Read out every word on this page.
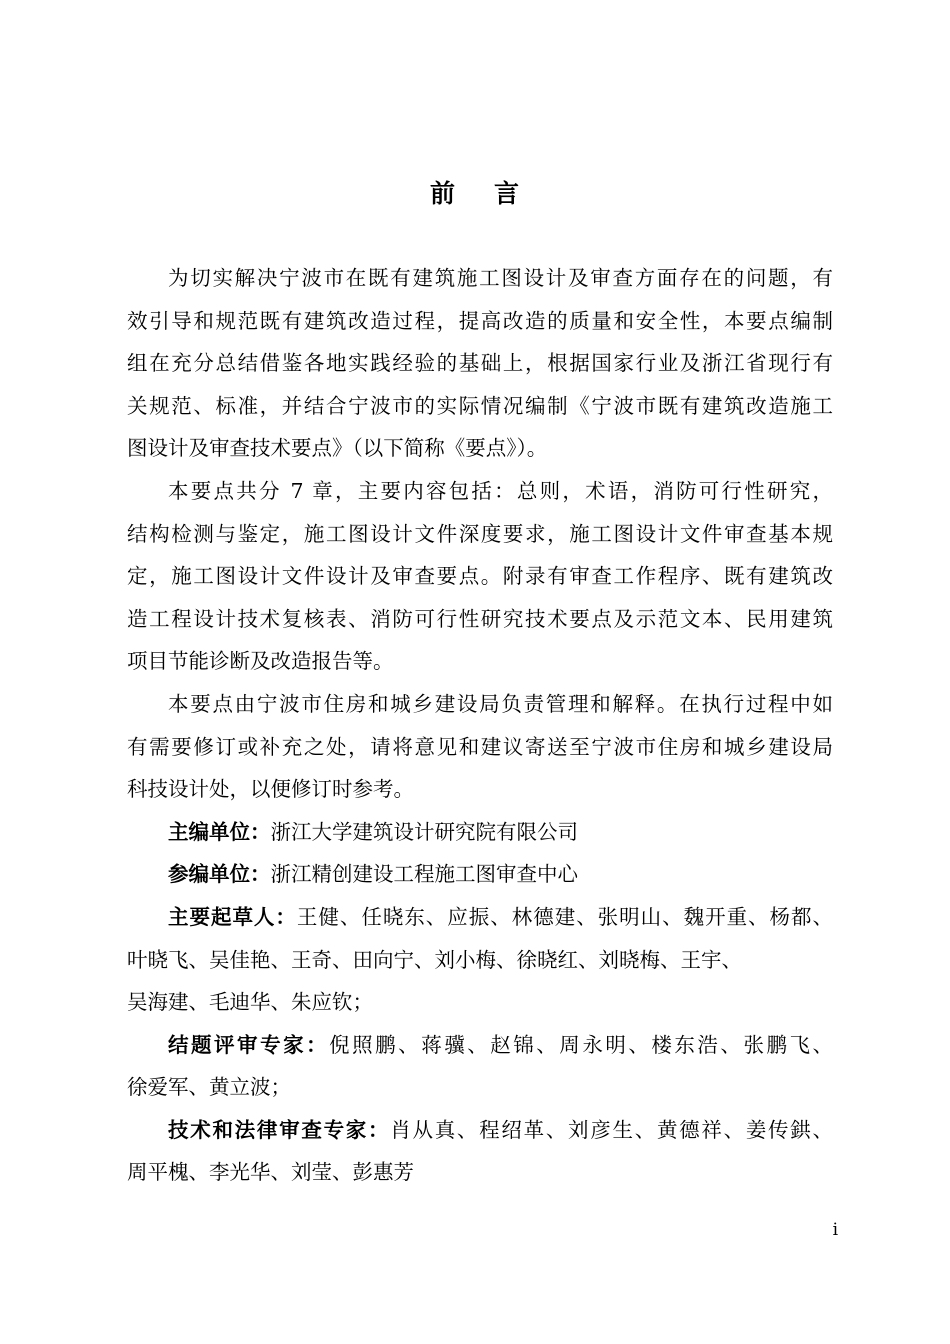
前 言
为切实解决宁波市在既有建筑施工图设计及审查方面存在的问题，有
效引导和规范既有建筑改造过程，提高改造的质量和安全性，本要点编制
组在充分总结借鉴各地实践经验的基础上，根据国家行业及浙江省现行有
关规范、标准，并结合宁波市的实际情况编制《宁波市既有建筑改造施工
图设计及审查技术要点》（以下简称《要点》）。
本要点共分 7 章，主要内容包括：总则，术语，消防可行性研究，
结构检测与鉴定，施工图设计文件深度要求，施工图设计文件审查基本规
定，施工图设计文件设计及审查要点。附录有审查工作程序、既有建筑改
造工程设计技术复核表、消防可行性研究技术要点及示范文本、民用建筑
项目节能诊断及改造报告等。
本要点由宁波市住房和城乡建设局负责管理和解释。在执行过程中如
有需要修订或补充之处，请将意见和建议寄送至宁波市住房和城乡建设局
科技设计处，以便修订时参考。
主编单位：浙江大学建筑设计研究院有限公司
参编单位：浙江精创建设工程施工图审查中心
主要起草人：王健、任晓东、应振、林德建、张明山、魏开重、杨都、
叶晓飞、吴佳艳、王奇、田向宁、刘小梅、徐晓红、刘晓梅、王宇、
吴海建、毛迪华、朱应钦；
结题评审专家：倪照鹏、蒋骥、赵锦、周永明、楼东浩、张鹏飞、
徐爱军、黄立波；
技术和法律审查专家：肖从真、程绍革、刘彦生、黄德祥、姜传鉷、
周平槐、李光华、刘莹、彭惠芳
i
